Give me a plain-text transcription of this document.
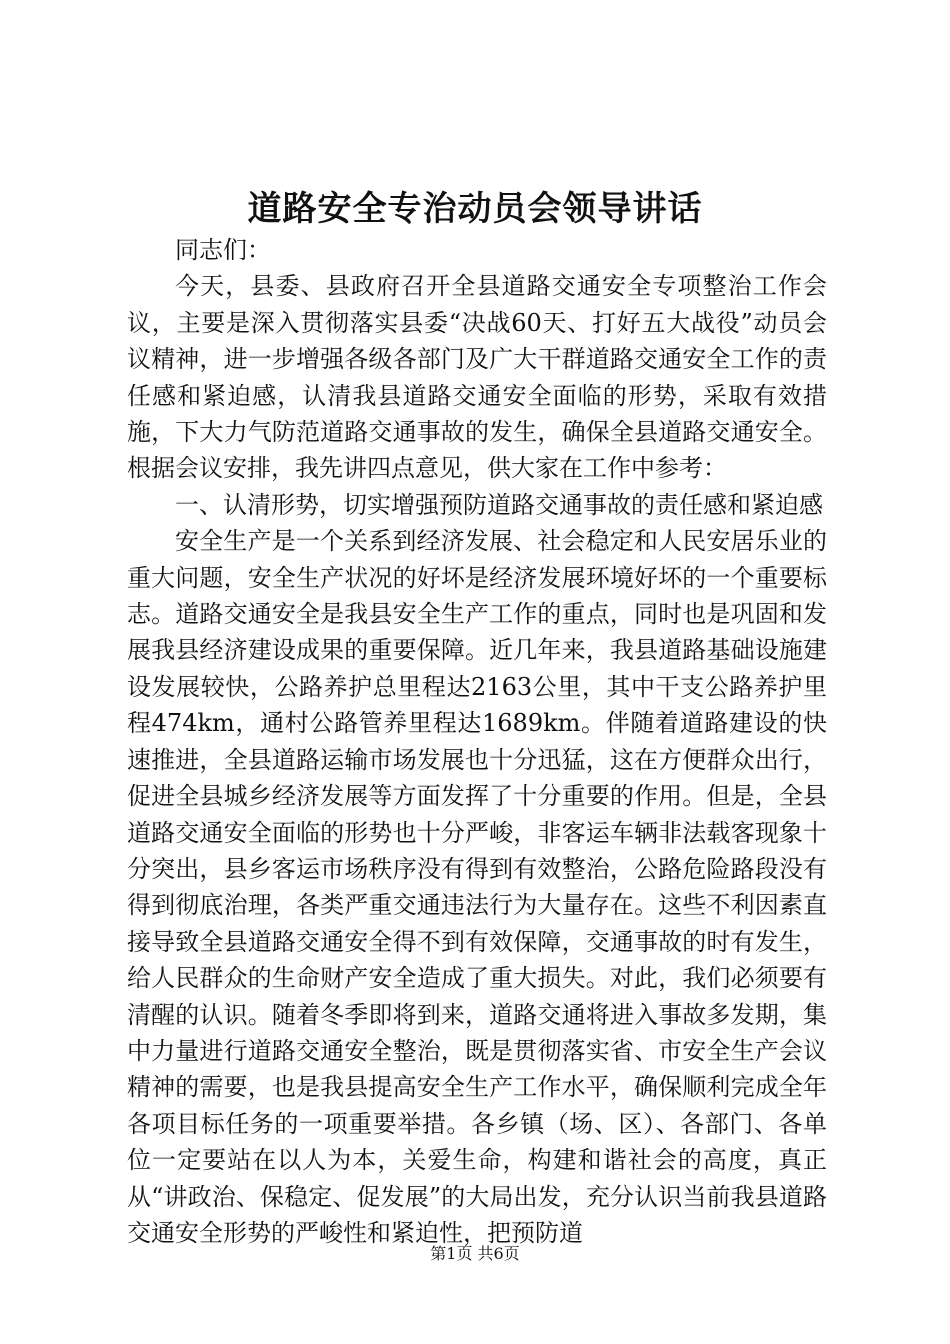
道路安全专治动员会领导讲话

同志们：

今天，县委、县政府召开全县道路交通安全专项整治工作会议，主要是深入贯彻落实县委“决战60天、打好五大战役”动员会议精神，进一步增强各级各部门及广大干群道路交通安全工作的责任感和紧迫感，认清我县道路交通安全面临的形势，采取有效措施，下大力气防范道路交通事故的发生，确保全县道路交通安全。根据会议安排，我先讲四点意见，供大家在工作中参考：

一、认清形势，切实增强预防道路交通事故的责任感和紧迫感

安全生产是一个关系到经济发展、社会稳定和人民安居乐业的重大问题，安全生产状况的好坏是经济发展环境好坏的一个重要标志。道路交通安全是我县安全生产工作的重点，同时也是巩固和发展我县经济建设成果的重要保障。近几年来，我县道路基础设施建设发展较快，公路养护总里程达2163公里，其中干支公路养护里程474km，通村公路管养里程达1689km。伴随着道路建设的快速推进，全县道路运输市场发展也十分迅猛，这在方便群众出行，促进全县城乡经济发展等方面发挥了十分重要的作用。但是，全县道路交通安全面临的形势也十分严峻，非客运车辆非法载客现象十分突出，县乡客运市场秩序没有得到有效整治，公路危险路段没有得到彻底治理，各类严重交通违法行为大量存在。这些不利因素直接导致全县道路交通安全得不到有效保障，交通事故的时有发生，给人民群众的生命财产安全造成了重大损失。对此，我们必须要有清醒的认识。随着冬季即将到来，道路交通将进入事故多发期，集中力量进行道路交通安全整治，既是贯彻落实省、市安全生产会议精神的需要，也是我县提高安全生产工作水平，确保顺利完成全年各项目标任务的一项重要举措。各乡镇（场、区）、各部门、各单位一定要站在以人为本，关爱生命，构建和谐社会的高度，真正从“讲政治、保稳定、促发展”的大局出发，充分认识当前我县道路交通安全形势的严峻性和紧迫性，把预防道

第1页 共6页
